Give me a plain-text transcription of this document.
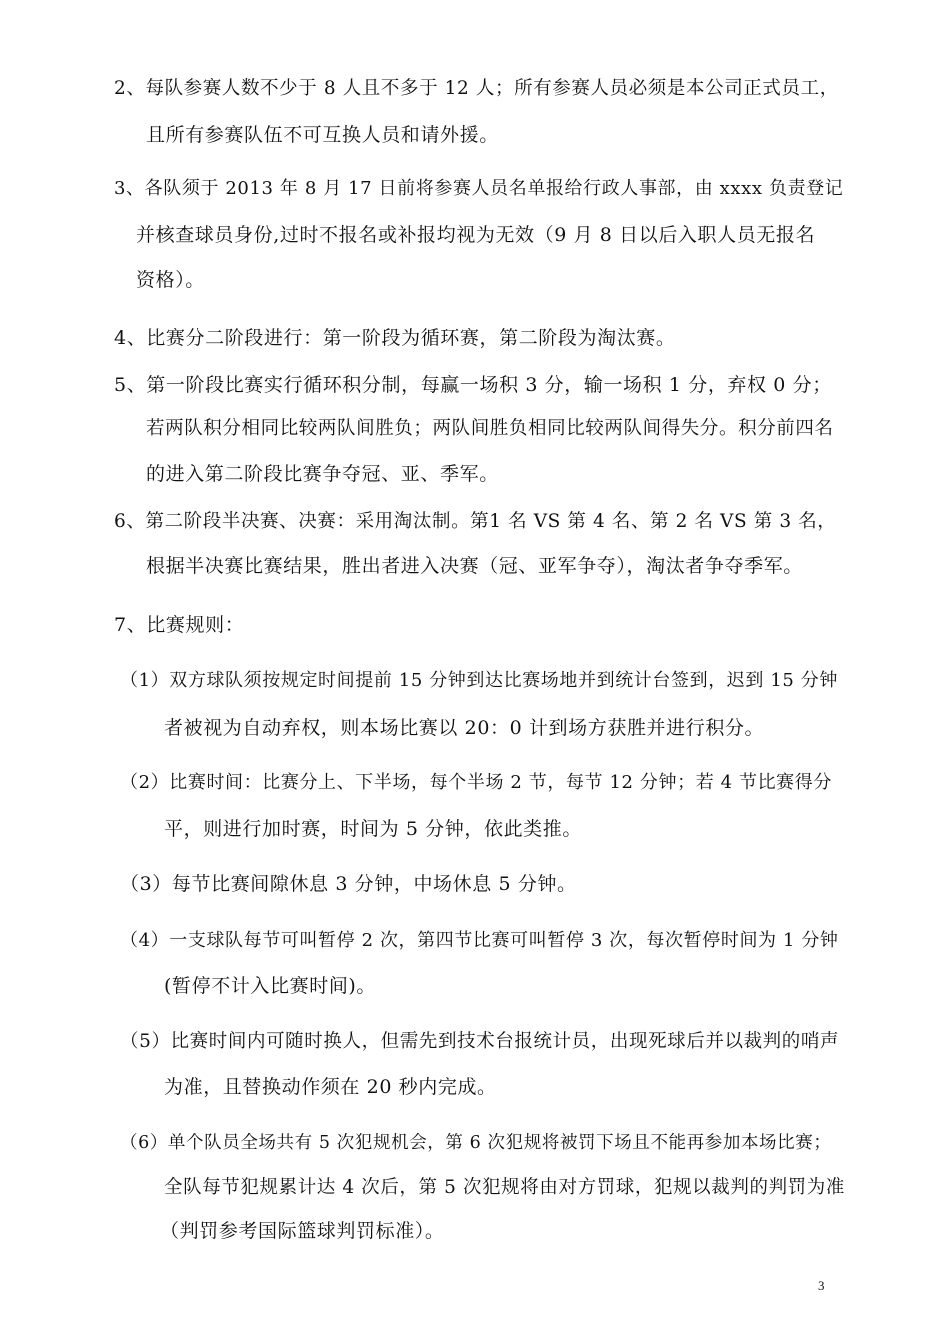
2、每队参赛人数不少于 8 人且不多于 12 人；所有参赛人员必须是本公司正式员工，
且所有参赛队伍不可互换人员和请外援。
3、各队须于 2013 年 8 月 17 日前将参赛人员名单报给行政人事部，由 xxxx 负责登记
并核查球员身份,过时不报名或补报均视为无效（9 月 8 日以后入职人员无报名
资格）。
4、比赛分二阶段进行：第一阶段为循环赛，第二阶段为淘汰赛。
5、第一阶段比赛实行循环积分制，每赢一场积 3 分，输一场积 1 分，弃权 0 分；
若两队积分相同比较两队间胜负；两队间胜负相同比较两队间得失分。积分前四名
的进入第二阶段比赛争夺冠、亚、季军。
6、第二阶段半决赛、决赛：采用淘汰制。第1 名 VS 第 4 名、第 2 名 VS 第 3 名，
根据半决赛比赛结果，胜出者进入决赛（冠、亚军争夺），淘汰者争夺季军。
7、比赛规则：
（1）双方球队须按规定时间提前 15 分钟到达比赛场地并到统计台签到，迟到 15 分钟
者被视为自动弃权，则本场比赛以 20：0 计到场方获胜并进行积分。
（2）比赛时间：比赛分上、下半场，每个半场 2 节，每节 12 分钟；若 4 节比赛得分
平，则进行加时赛，时间为 5 分钟，依此类推。
（3）每节比赛间隙休息 3 分钟，中场休息 5 分钟。
（4）一支球队每节可叫暂停 2 次，第四节比赛可叫暂停 3 次，每次暂停时间为 1 分钟
(暂停不计入比赛时间)。
（5）比赛时间内可随时换人，但需先到技术台报统计员，出现死球后并以裁判的哨声
为准，且替换动作须在 20 秒内完成。
（6）单个队员全场共有 5 次犯规机会，第 6 次犯规将被罚下场且不能再参加本场比赛；
全队每节犯规累计达 4 次后，第 5 次犯规将由对方罚球，犯规以裁判的判罚为准
（判罚参考国际篮球判罚标准）。
3
